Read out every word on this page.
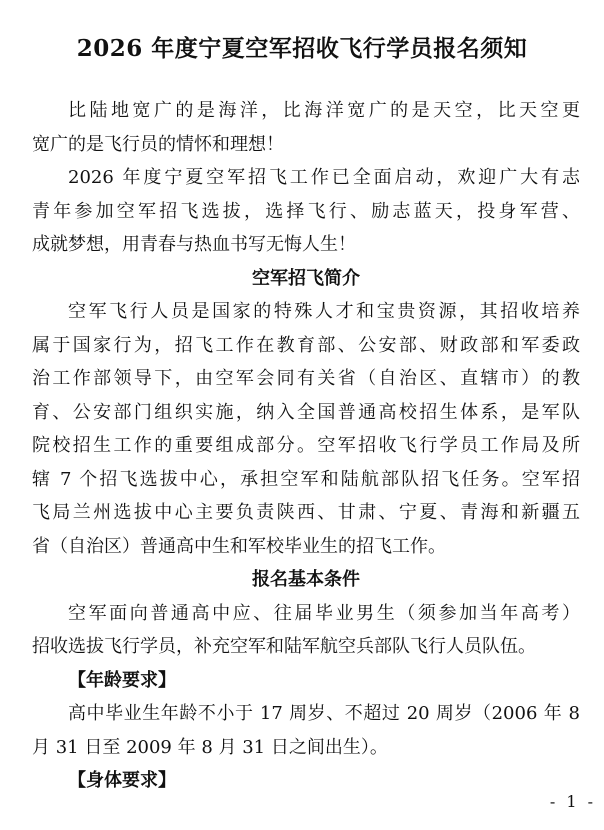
2026 年度宁夏空军招收飞行学员报名须知
比陆地宽广的是海洋，比海洋宽广的是天空，比天空更
宽广的是飞行员的情怀和理想！
2026 年度宁夏空军招飞工作已全面启动，欢迎广大有志
青年参加空军招飞选拔，选择飞行、励志蓝天，投身军营、
成就梦想，用青春与热血书写无悔人生！
空军招飞简介
空军飞行人员是国家的特殊人才和宝贵资源，其招收培养
属于国家行为，招飞工作在教育部、公安部、财政部和军委政
治工作部领导下，由空军会同有关省（自治区、直辖市）的教
育、公安部门组织实施，纳入全国普通高校招生体系，是军队
院校招生工作的重要组成部分。空军招收飞行学员工作局及所
辖 7 个招飞选拔中心，承担空军和陆航部队招飞任务。空军招
飞局兰州选拔中心主要负责陕西、甘肃、宁夏、青海和新疆五
省（自治区）普通高中生和军校毕业生的招飞工作。
报名基本条件
空军面向普通高中应、往届毕业男生（须参加当年高考）
招收选拔飞行学员，补充空军和陆军航空兵部队飞行人员队伍。
【年龄要求】
高中毕业生年龄不小于 17 周岁、不超过 20 周岁（2006 年 8
月 31 日至 2009 年 8 月 31 日之间出生）。
【身体要求】
- 1 -
